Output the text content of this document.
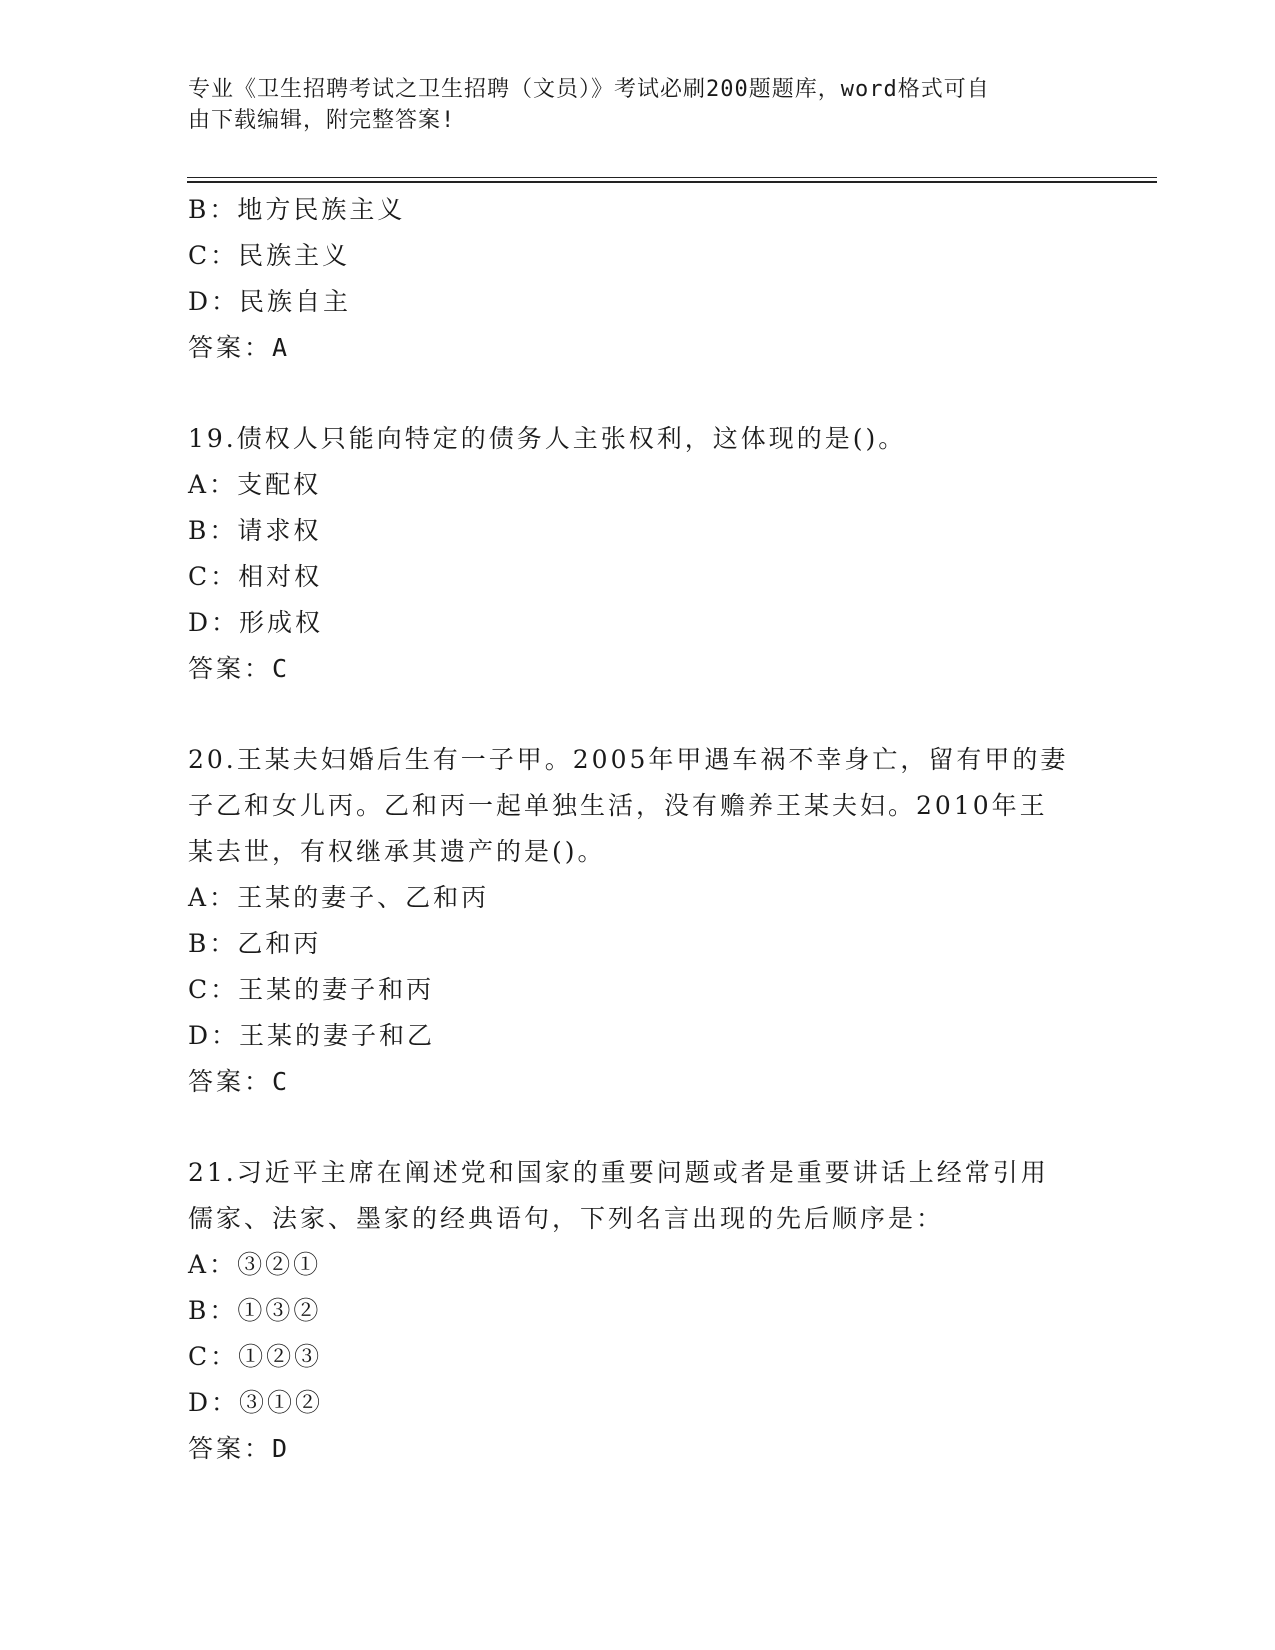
专业《卫生招聘考试之卫生招聘（文员）》考试必刷200题题库，word格式可自
由下载编辑，附完整答案!
B：地方民族主义
C：民族主义
D：民族自主
答案：A
19.债权人只能向特定的债务人主张权利，这体现的是()。
A：支配权
B：请求权
C：相对权
D：形成权
答案：C
20.王某夫妇婚后生有一子甲。2005年甲遇车祸不幸身亡，留有甲的妻
子乙和女儿丙。乙和丙一起单独生活，没有赡养王某夫妇。2010年王
某去世，有权继承其遗产的是()。
A：王某的妻子、乙和丙
B：乙和丙
C：王某的妻子和丙
D：王某的妻子和乙
答案：C
21.习近平主席在阐述党和国家的重要问题或者是重要讲话上经常引用
儒家、法家、墨家的经典语句，下列名言出现的先后顺序是：
A：③②①
B：①③②
C：①②③
D：③①②
答案：D
